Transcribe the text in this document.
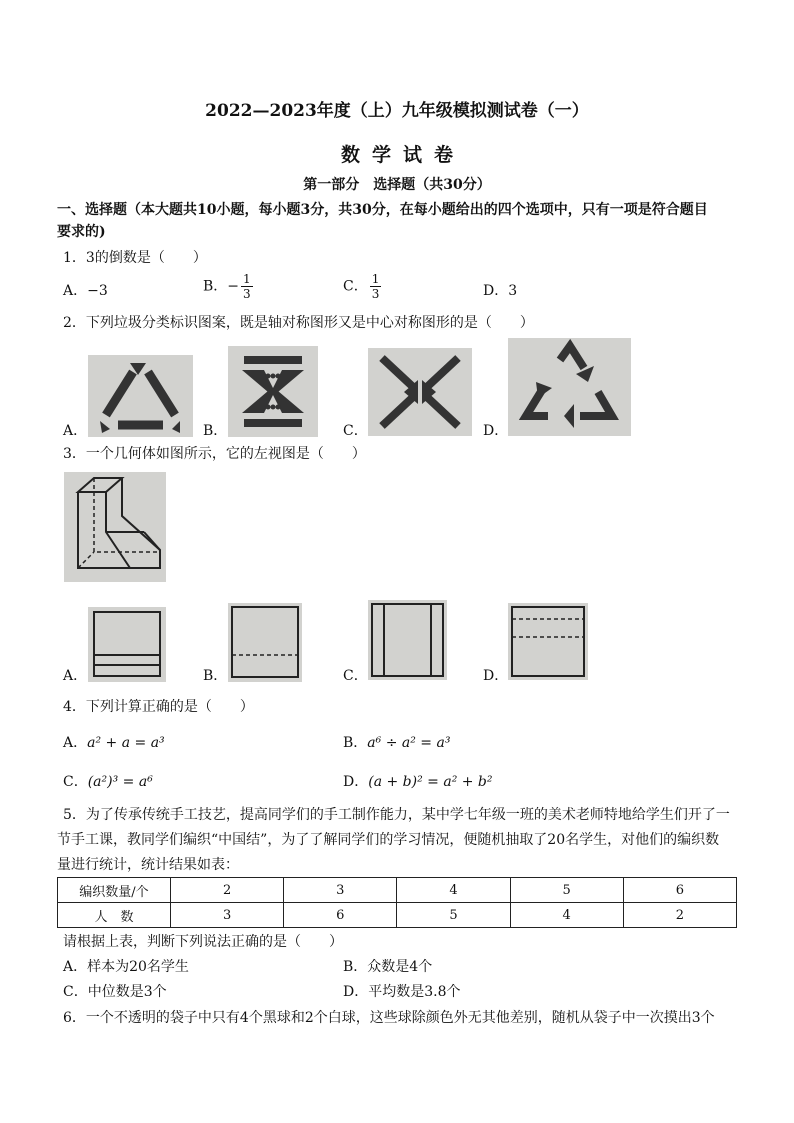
2022—2023年度（上）九年级模拟测试卷（一）
数学试卷
第一部分　选择题（共30分）
一、选择题（本大题共10小题，每小题3分，共30分，在每小题给出的四个选项中，只有一项是符合题目
要求的)
1．3的倒数是（　　）
A．−3	B．− $\frac{1}{3}$	C． $\frac{1}{3}$	D．3
2．下列垃圾分类标识图案，既是轴对称图形又是中心对称图形的是（　　）
A．	B．	C．	D．
3．一个几何体如图所示，它的左视图是（　　）
A．	B．	C．	D．
4．下列计算正确的是（　　）
A．a² + a = a³	B．a⁶ ÷ a² = a³
C．(a²)³ = a⁶	D．(a + b)² = a² + b²
5．为了传承传统手工技艺，提高同学们的手工制作能力，某中学七年级一班的美术老师特地给学生们开了一
节手工课，教同学们编织“中国结”，为了了解同学们的学习情况，便随机抽取了20名学生，对他们的编织数
量进行统计，统计结果如表：
编织数量/个	2	3	4	5	6
人　数	3	6	5	4	2
请根据上表，判断下列说法正确的是（　　）
A．样本为20名学生	B．众数是4个
C．中位数是3个	D．平均数是3.8个
6．一个不透明的袋子中只有4个黑球和2个白球，这些球除颜色外无其他差别，随机从袋子中一次摸出3个
